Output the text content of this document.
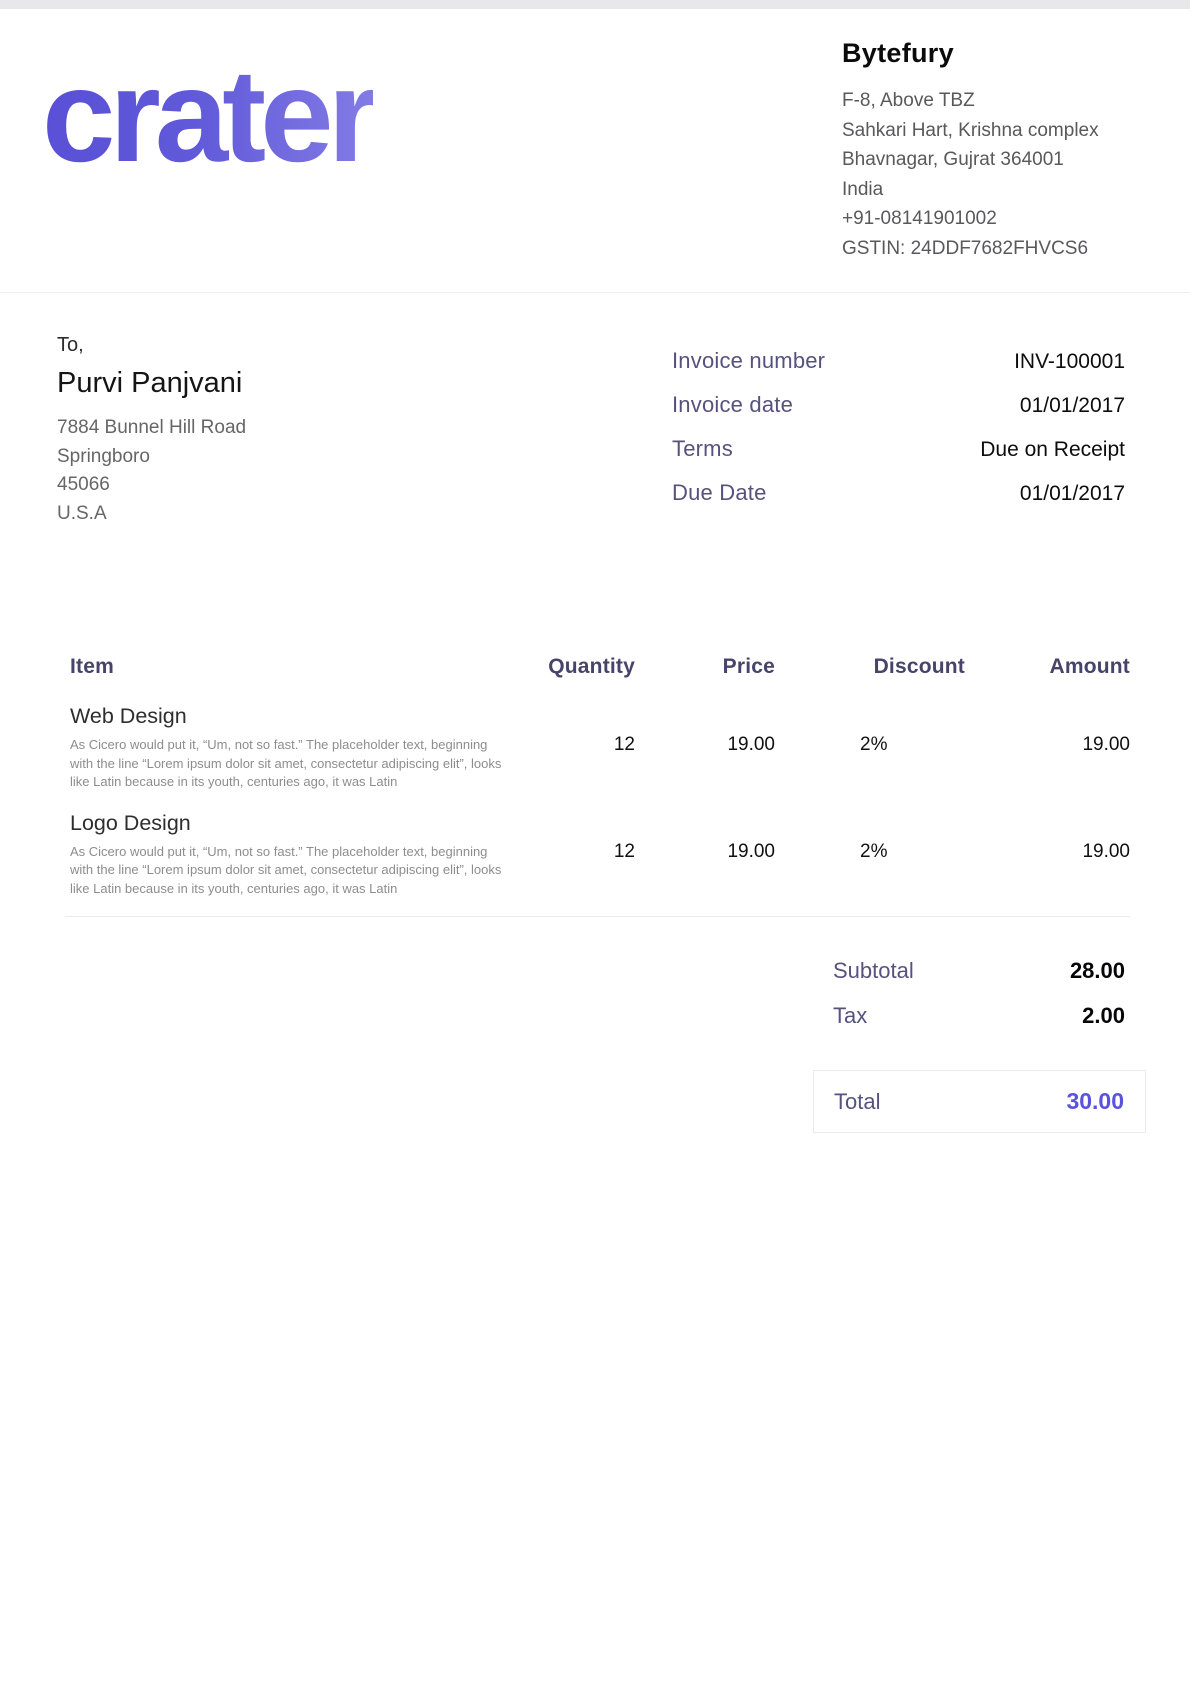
crater	Bytefury
F-8, Above TBZ
Sahkari Hart, Krishna complex
Bhavnagar, Gujrat 364001
India
+91-08141901002
GSTIN: 24DDF7682FHVCS6
To,
Purvi Panjvani
7884 Bunnel Hill Road
Springboro
45066
U.S.A
Invoice number	INV-100001
Invoice date	01/01/2017
Terms	Due on Receipt
Due Date	01/01/2017
Item	Quantity	Price	Discount	Amount
Web Design
As Cicero would put it, “Um, not so fast.” The placeholder text, beginning
with the line “Lorem ipsum dolor sit amet, consectetur adipiscing elit”, looks
like Latin because in its youth, centuries ago, it was Latin
12	19.00	2%	19.00
Logo Design
As Cicero would put it, “Um, not so fast.” The placeholder text, beginning
with the line “Lorem ipsum dolor sit amet, consectetur adipiscing elit”, looks
like Latin because in its youth, centuries ago, it was Latin
12	19.00	2%	19.00
Subtotal	28.00
Tax	2.00
Total	30.00
